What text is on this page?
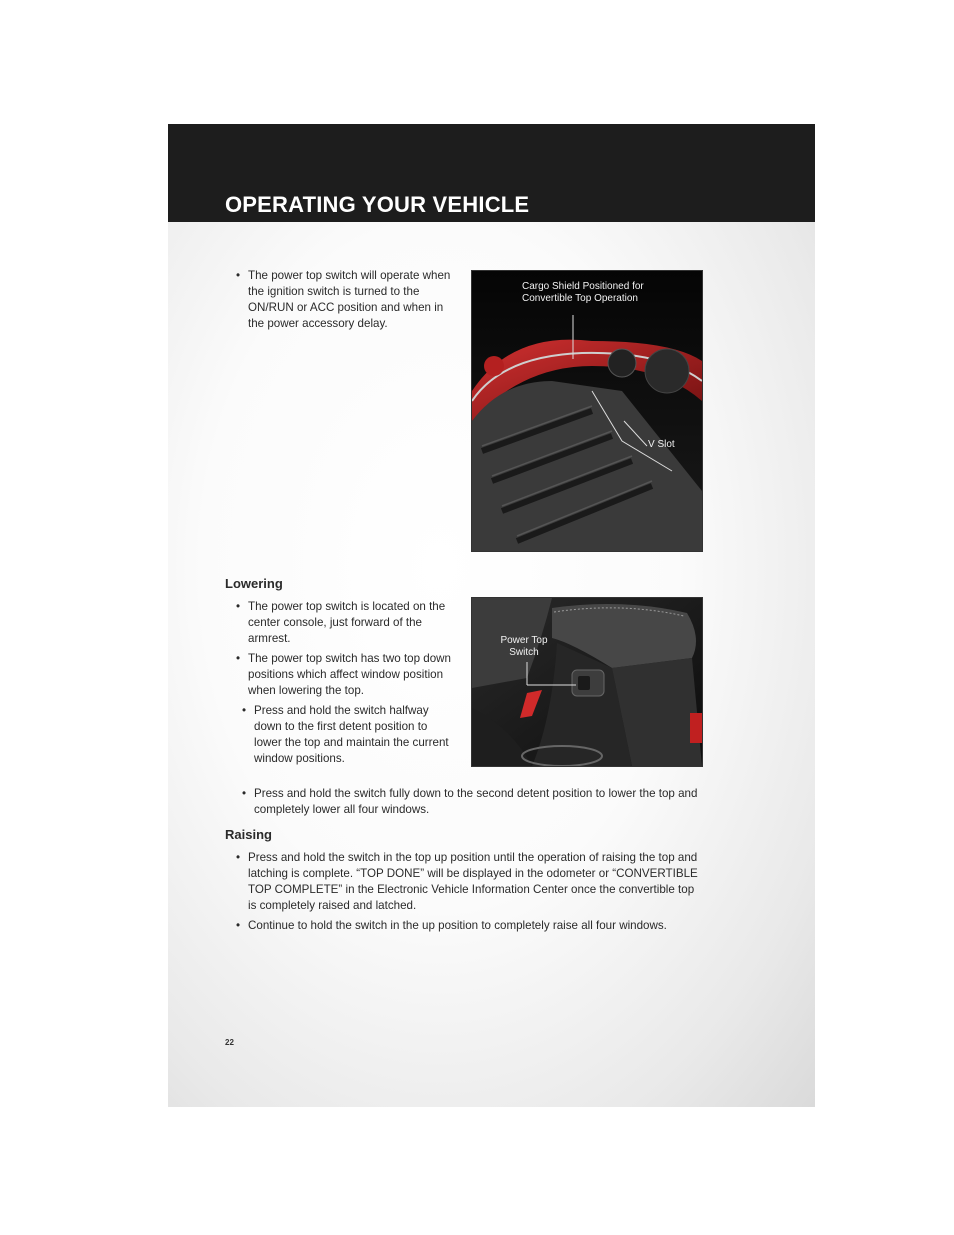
OPERATING YOUR VEHICLE
• The power top switch will operate when the ignition switch is turned to the ON/RUN or ACC position and when in the power accessory delay.
Cargo Shield Positioned for Convertible Top Operation
V Slot
Lowering
• The power top switch is located on the center console, just forward of the armrest.
• The power top switch has two top down positions which affect window position when lowering the top.
• Press and hold the switch halfway down to the first detent position to lower the top and maintain the current window positions.
• Press and hold the switch fully down to the second detent position to lower the top and completely lower all four windows.
Power Top Switch
Raising
• Press and hold the switch in the top up position until the operation of raising the top and latching is complete. “TOP DONE” will be displayed in the odometer or “CONVERTIBLE TOP COMPLETE” in the Electronic Vehicle Information Center once the convertible top is completely raised and latched.
• Continue to hold the switch in the up position to completely raise all four windows.
22
